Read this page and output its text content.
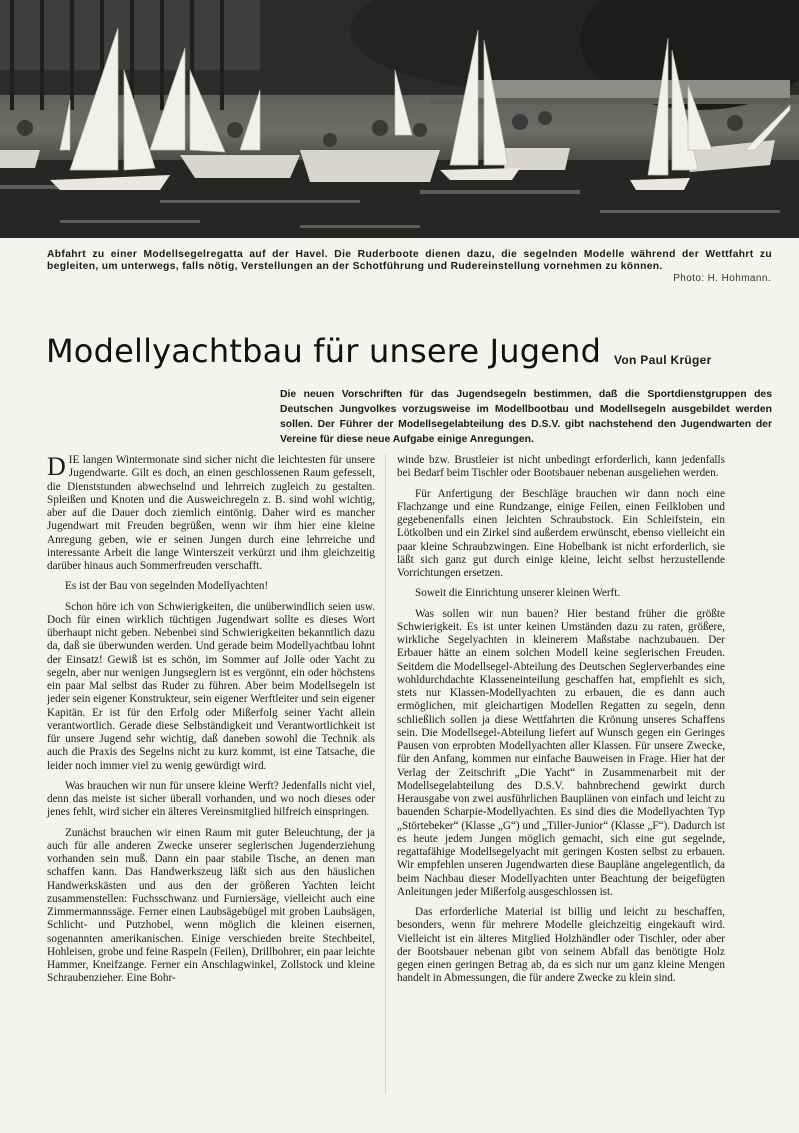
Abfahrt zu einer Modellsegelregatta auf der Havel. Die Ruderboote dienen dazu, die segelnden Modelle während der Wettfahrt zu begleiten, um unterwegs, falls nötig, Verstellungen an der Schotführung und Rudereinstellung vornehmen zu können.
Photo: H. Hohmann.
Modellyachtbau für unsere Jugend Von Paul Krüger

Die neuen Vorschriften für das Jugendsegeln bestimmen, daß die Sportdienstgruppen des Deutschen Jungvolkes vorzugsweise im Modellbootbau und Modellsegeln ausgebildet werden sollen. Der Führer der Modellsegelabteilung des D.S.V. gibt nachstehend den Jugendwarten der Vereine für diese neue Aufgabe einige Anregungen.

DIE langen Wintermonate sind sicher nicht die leichtesten für unsere Jugendwarte. Gilt es doch, an einen geschlossenen Raum gefesselt, die Dienststunden abwechselnd und lehrreich zugleich zu gestalten. Spleißen und Knoten und die Ausweichregeln z. B. sind wohl wichtig, aber auf die Dauer doch ziemlich eintönig. Daher wird es mancher Jugendwart mit Freuden begrüßen, wenn wir ihm hier eine kleine Anregung geben, wie er seinen Jungen durch eine lehrreiche und interessante Arbeit die lange Winterszeit verkürzt und ihm gleichzeitig darüber hinaus auch Sommerfreuden verschafft.

Es ist der Bau von segelnden Modellyachten!

Schon höre ich von Schwierigkeiten, die unüberwindlich seien usw. Doch für einen wirklich tüchtigen Jugendwart sollte es dieses Wort überhaupt nicht geben. Nebenbei sind Schwierigkeiten bekanntlich dazu da, daß sie überwunden werden. Und gerade beim Modellyachtbau lohnt der Einsatz! Gewiß ist es schön, im Sommer auf Jolle oder Yacht zu segeln, aber nur wenigen Jungseglern ist es vergönnt, ein oder höchstens ein paar Mal selbst das Ruder zu führen. Aber beim Modellsegeln ist jeder sein eigener Konstrukteur, sein eigener Werftleiter und sein eigener Kapitän. Er ist für den Erfolg oder Mißerfolg seiner Yacht allein verantwortlich. Gerade diese Selbständigkeit und Verantwortlichkeit ist für unsere Jugend sehr wichtig, daß daneben sowohl die Technik als auch die Praxis des Segelns nicht zu kurz kommt, ist eine Tatsache, die leider noch immer viel zu wenig gewürdigt wird.

Was brauchen wir nun für unsere kleine Werft? Jedenfalls nicht viel, denn das meiste ist sicher überall vorhanden, und wo noch dieses oder jenes fehlt, wird sicher ein älteres Vereinsmitglied hilfreich einspringen.

Zunächst brauchen wir einen Raum mit guter Beleuchtung, der ja auch für alle anderen Zwecke unserer seglerischen Jugenderziehung vorhanden sein muß. Dann ein paar stabile Tische, an denen man schaffen kann. Das Handwerkszeug läßt sich aus den häuslichen Handwerkskästen und aus den der größeren Yachten leicht zusammenstellen: Fuchsschwanz und Furniersäge, vielleicht auch eine Zimmermannssäge. Ferner einen Laubsägebügel mit groben Laubsägen, Schlicht- und Putzhobel, wenn möglich die kleinen eisernen, sogenannten amerikanischen. Einige verschieden breite Stechbeitel, Hohleisen, grobe und feine Raspeln (Feilen), Drillbohrer, ein paar leichte Hammer, Kneifzange. Ferner ein Anschlagwinkel, Zollstock und kleine Schraubenzieher. Eine Bohr-

winde bzw. Brustleier ist nicht unbedingt erforderlich, kann jedenfalls bei Bedarf beim Tischler oder Bootsbauer nebenan ausgeliehen werden.

Für Anfertigung der Beschläge brauchen wir dann noch eine Flachzange und eine Rundzange, einige Feilen, einen Feilkloben und gegebenenfalls einen leichten Schraubstock. Ein Schleifstein, ein Lötkolben und ein Zirkel sind außerdem erwünscht, ebenso vielleicht ein paar kleine Schraubzwingen. Eine Hobelbank ist nicht erforderlich, sie läßt sich ganz gut durch einige kleine, leicht selbst herzustellende Vorrichtungen ersetzen.

Soweit die Einrichtung unserer kleinen Werft.

Was sollen wir nun bauen? Hier bestand früher die größte Schwierigkeit. Es ist unter keinen Umständen dazu zu raten, größere, wirkliche Segelyachten in kleinerem Maßstabe nachzubauen. Der Erbauer hätte an einem solchen Modell keine seglerischen Freuden. Seitdem die Modellsegel-Abteilung des Deutschen Seglerverbandes eine wohldurchdachte Klasseneinteilung geschaffen hat, empfiehlt es sich, stets nur Klassen-Modellyachten zu erbauen, die es dann auch ermöglichen, mit gleichartigen Modellen Regatten zu segeln, denn schließlich sollen ja diese Wettfahrten die Krönung unseres Schaffens sein. Die Modellsegel-Abteilung liefert auf Wunsch gegen ein Geringes Pausen von erprobten Modellyachten aller Klassen. Für unsere Zwecke, für den Anfang, kommen nur einfache Bauweisen in Frage. Hier hat der Verlag der Zeitschrift „Die Yacht“ in Zusammenarbeit mit der Modellsegelabteilung des D.S.V. bahnbrechend gewirkt durch Herausgabe von zwei ausführlichen Bauplänen von einfach und leicht zu bauenden Scharpie-Modellyachten. Es sind dies die Modellyachten Typ „Störtebeker“ (Klasse „G“) und „Tiller-Junior“ (Klasse „F“). Dadurch ist es heute jedem Jungen möglich gemacht, sich eine gut segelnde, regattafähige Modellsegelyacht mit geringen Kosten selbst zu erbauen. Wir empfehlen unseren Jugendwarten diese Baupläne angelegentlich, da beim Nachbau dieser Modellyachten unter Beachtung der beigefügten Anleitungen jeder Mißerfolg ausgeschlossen ist.

Das erforderliche Material ist billig und leicht zu beschaffen, besonders, wenn für mehrere Modelle gleichzeitig eingekauft wird. Vielleicht ist ein älteres Mitglied Holzhändler oder Tischler, oder aber der Bootsbauer nebenan gibt von seinem Abfall das benötigte Holz gegen einen geringen Betrag ab, da es sich nur um ganz kleine Mengen handelt in Abmessungen, die für andere Zwecke zu klein sind.
